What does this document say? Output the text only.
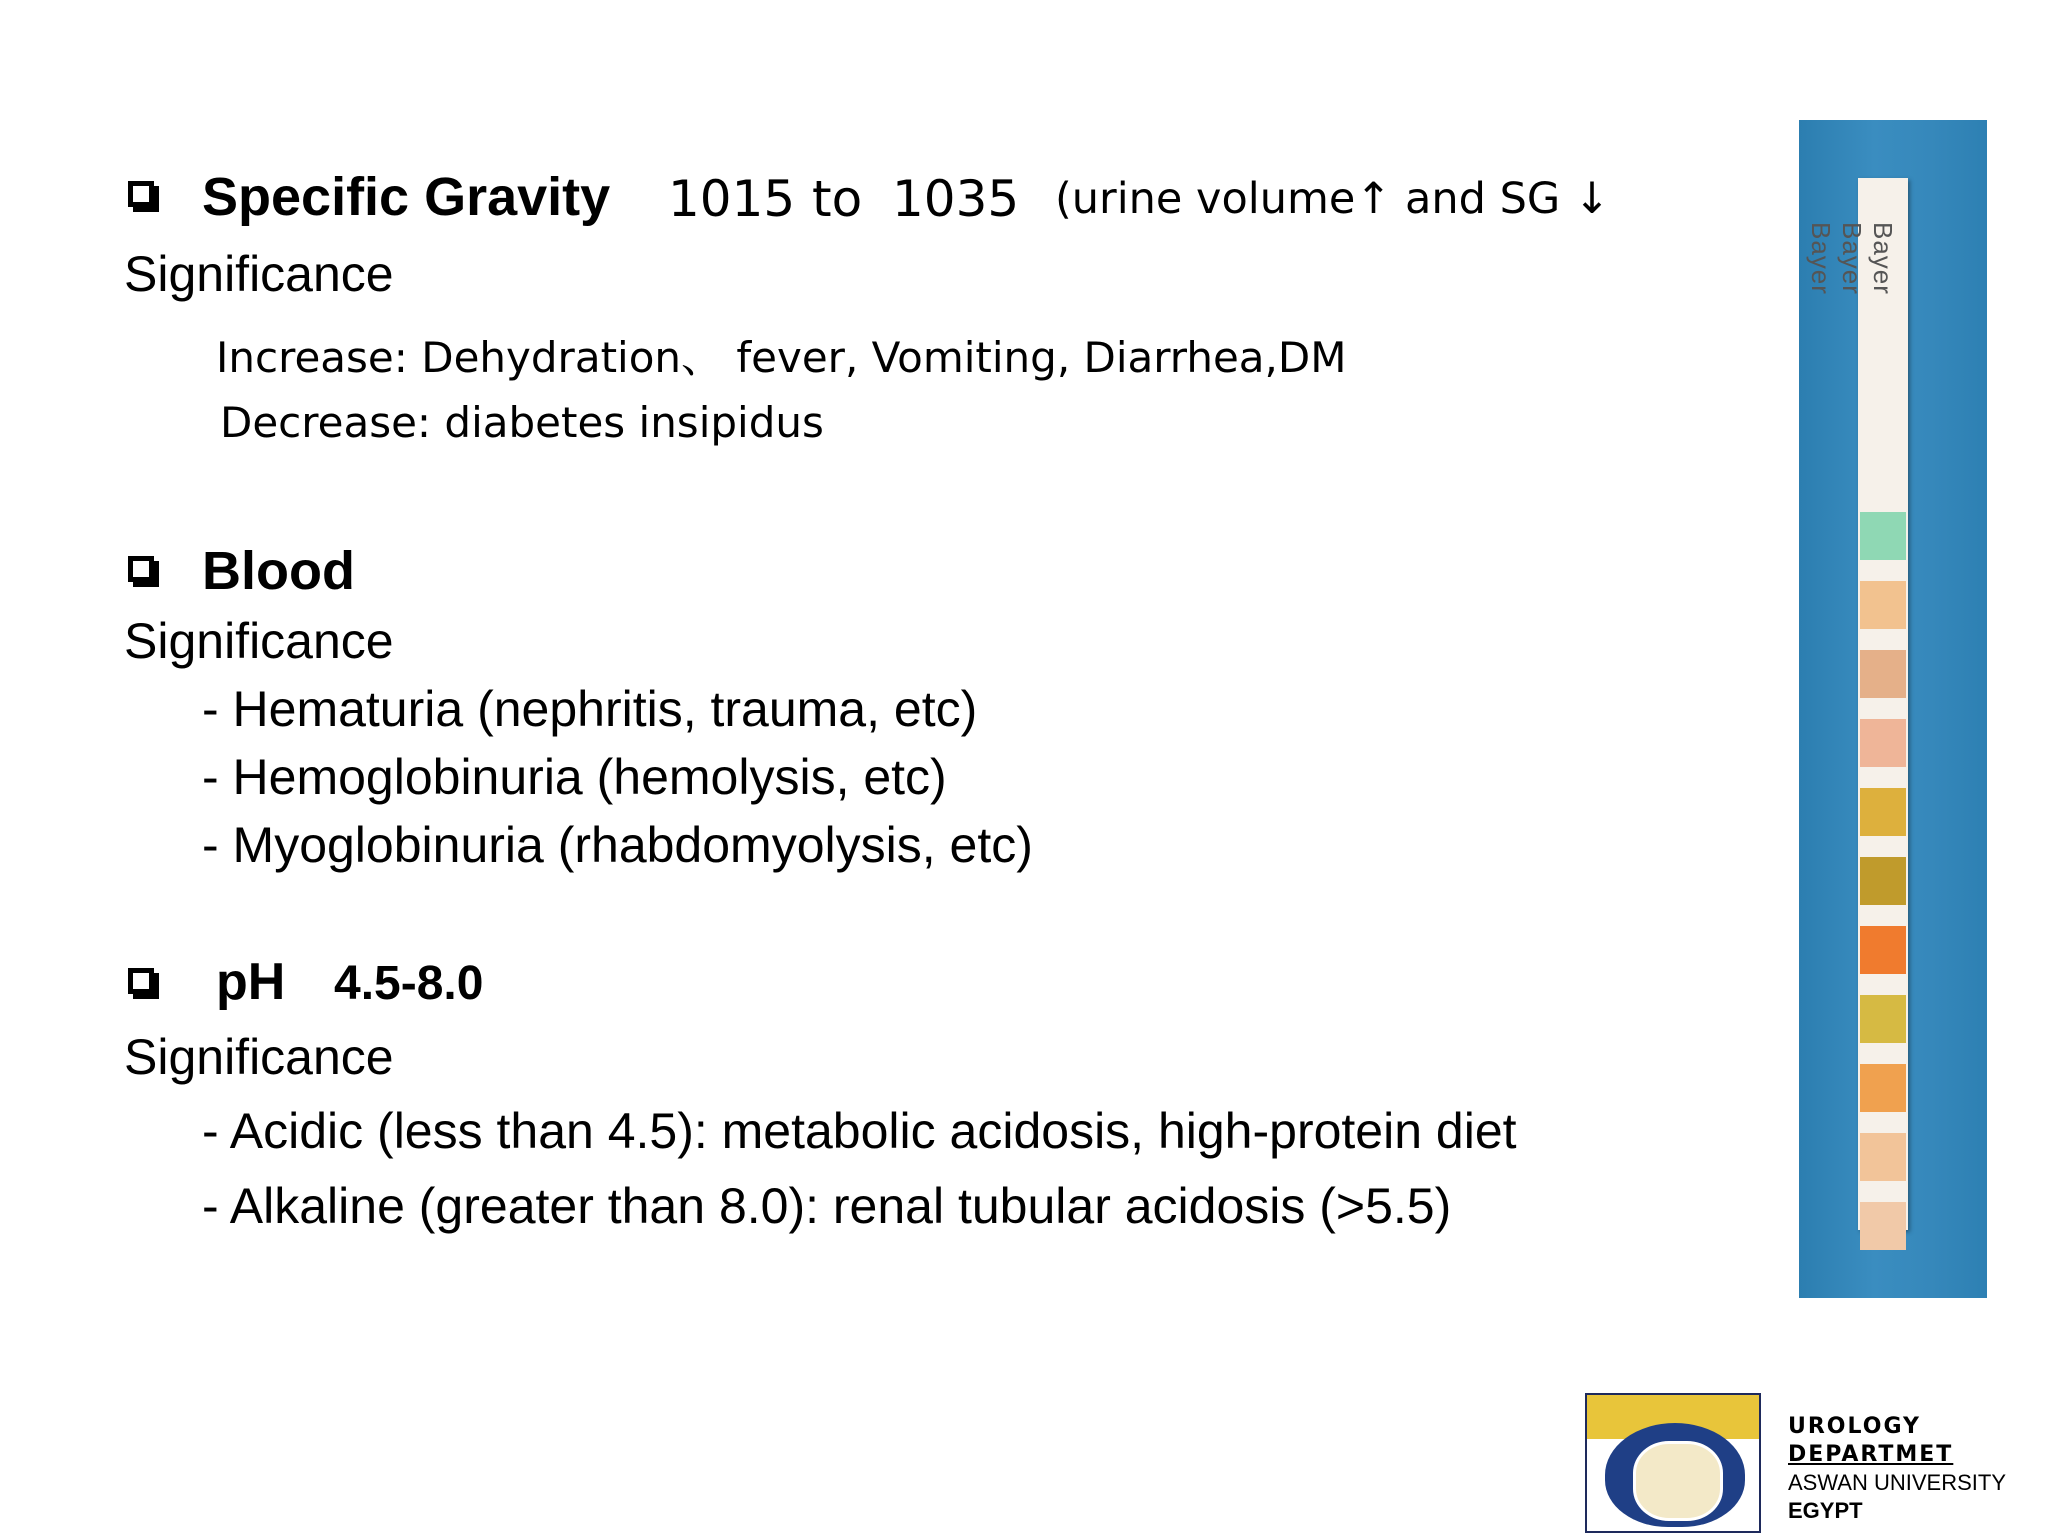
Specific Gravity 1015 to 1035 (urine volume↑ and SG ↓
Significance
Increase: Dehydration、 fever, Vomiting, Diarrhea,DM
Decrease: diabetes insipidus
Blood
Significance
- Hematuria (nephritis, trauma, etc)
- Hemoglobinuria (hemolysis, etc)
- Myoglobinuria (rhabdomyolysis, etc)
pH 4.5-8.0
Significance
- Acidic (less than 4.5): metabolic acidosis, high-protein diet
- Alkaline (greater than 8.0): renal tubular acidosis (>5.5)
Bayer Bayer Bayer
UROLOGY
DEPARTMET
ASWAN UNIVERSITY
EGYPT
